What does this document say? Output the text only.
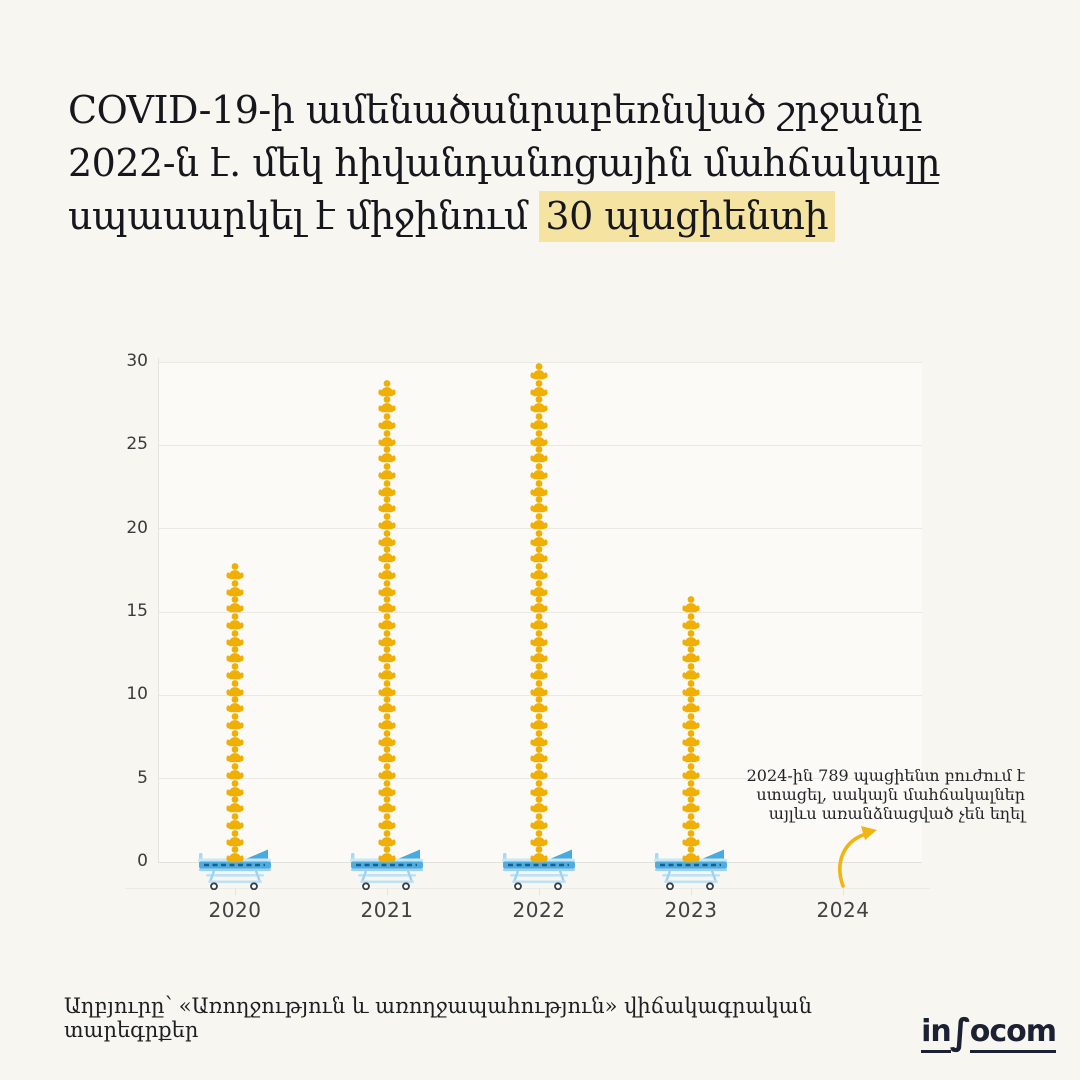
COVID-19-ի ամենածանրաբեռնված շրջանը 2022-ն է. մեկ հիվանդանոցային մահճակալը սպասարկել է միջինում 30 պացիենտի
0
5
10
15
20
25
30
2020	2021	2022	2023	2024
2024-ին 789 պացիենտ բուժում է
ստացել, սակայն մահճակալներ
այլևս առանձնացված չեն եղել
Աղբյուրը՝ «Առողջություն և առողջապահություն» վիճակագրական տարեգրքեր	in∫ocom
